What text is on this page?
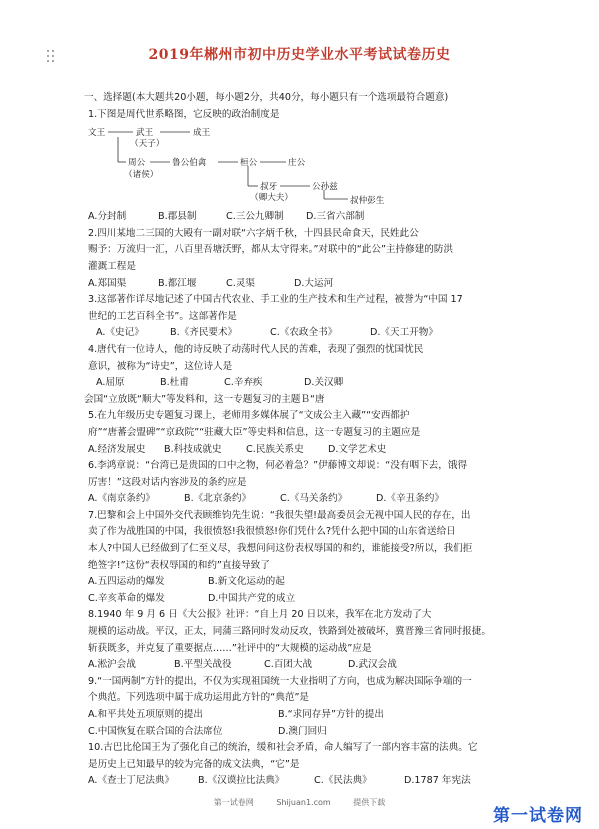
2019年郴州市初中历史学业水平考试试卷历史

一、选择题(本大题共20小题，每小题2分，共40分，每小题只有一个选项最符合题意)

1.下图是周代世系略图，它反映的政治制度是

文王	武王
（天子）
成王
周公
（诸侯）
鲁公伯禽	桓公	庄公
叔牙
（卿大夫）
公孙兹
叔仲彭生

A.分封制	B.郡县制	C.三公九卿制	D.三省六部制

2.四川某地二三国的大殿有一副对联“六字炳千秋，十四县民命食天，民姓此公

赐予：万流归一汇，八百里吾塘沃野，都从太守得来。”对联中的“此公”主持修建的防洪

灌溉工程是

A.郑国渠	B.都江堰	C.灵渠	D.大运河

3.这部著作详尽地记述了中国古代农业、手工业的生产技术和生产过程，被誉为“中国 17

世纪的工艺百科全书”。这部著作是

A.《史记》	B.《齐民要术》	C.《农政全书》	D.《天工开物》

4.唐代有一位诗人，他的诗反映了动荡时代人民的苦难，表现了强烈的忧国忧民

意识，被称为“诗史”，这位诗人是

A.屈原	B.杜甫	C.辛弃疾	D.关汉卿

会国“立放既“顺大”等发料和，这一专题复习的主题Ｂ“唐

5.在九年级历史专题复习课上，老师用多媒体展了“文成公主入藏”“安西都护

府”“唐蕃会盟碑”“京政院”“驻藏大臣”等史料和信息，这一专题复习的主题应是

A.经济发展史	B.科技成就史	C.民族关系史	D.文学艺术史

6.李鸿章说：“台湾已是贵国的口中之物，何必着急？”伊藤博文却说：“没有咽下去，饿得

厉害！”这段对话内容涉及的条约应是

A.《南京条约》	B.《北京条约》	C.《马关条约》	D.《辛丑条约》

7.巴黎和会上中国外交代表顾维钧先生说：“我很失望!最高委员会无视中国人民的存在，出

卖了作为战胜国的中国，我很愤怒!我很愤怒!你们凭什么?凭什么把中国的山东省送给日

本人?中国人已经做到了仁至义尽，我想问问这份表权辱国的和约，谁能接受?所以，我们拒

绝签字!”这份“表权辱国的和约”直接导致了

A.五四运动的爆发	B.新文化运动的起

C.辛亥革命的爆发	D.中国共产党的成立

8.1940 年 9 月 6 日《大公报》社评：“自上月 20 日以来，我军在北方发动了大

规模的运动战。平汉，正太，同蒲三路同时发动反攻，铁路到处被破坏，冀晋豫三省同时报捷。

斩获既多，并克复了重要据点……”社评中的“大规模的运动战”应是

A.淞沪会战	B.平型关战役	C.百团大战	D.武汉会战

9.“一国两制”方针的提出，不仅为实现祖国统一大业指明了方向，也成为解决国际争端的一

个典范。下列选项中属于成功运用此方针的“典范”是

A.和平共处五项原则的提出	B.“求同存异”方针的提出

C.中国恢复在联合国的合法席位	D.澳门回归

10.古巴比伦国王为了强化自己的统治，缓和社会矛盾，命人编写了一部内容丰富的法典。它

是历史上已知最早的较为完备的成文法典，“它”是

A.《查士丁尼法典》	B.《汉谟拉比法典》	C.《民法典》	D.1787 年宪法

第一试卷网	Shijuan1.com	提供下载
第一试卷网
